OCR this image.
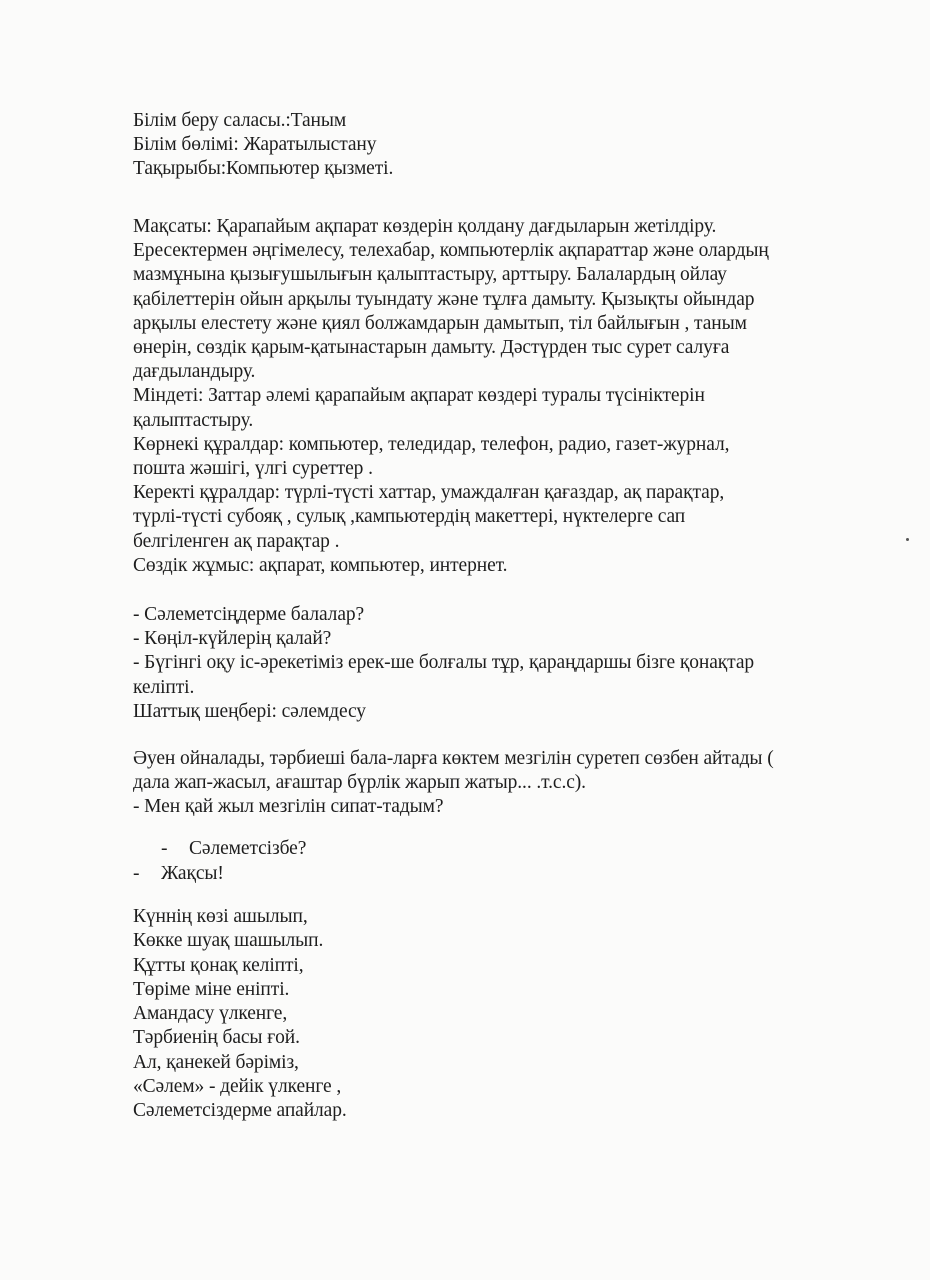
Білім беру саласы.:Таным

Білім бөлімі: Жаратылыстану

Тақырыбы:Компьютер қызметі.

Мақсаты: Қарапайым ақпарат көздерін қолдану дағдыларын жетілдіру.

Ересектермен әңгімелесу, телехабар, компьютерлік ақпараттар және олардың

мазмұнына қызығушылығын қалыптастыру, арттыру. Балалардың ойлау

қабілеттерін ойын арқылы туындату және тұлға дамыту. Қызықты ойындар

арқылы елестету және қиял болжамдарын дамытып, тіл байлығын , таным

өнерін, сөздік қарым-қатынастарын дамыту. Дәстүрден тыс сурет салуға

дағдыландыру.

Міндеті: Заттар әлемі қарапайым ақпарат көздері туралы түсініктерін

қалыптастыру.

Көрнекі құралдар: компьютер, теледидар, телефон, радио, газет-журнал,

пошта жәшігі, үлгі суреттер .

Керекті құралдар: түрлі-түсті хаттар, умаждалған қағаздар, ақ парақтар,

түрлі-түсті субояқ , сулық ,кампьютердің макеттері, нүктелерге сап

белгіленген ақ парақтар .

Сөздік жұмыс: ақпарат, компьютер, интернет.

- Сәлеметсіңдерме балалар?

- Көңіл-күйлерің қалай?

- Бүгінгі оқу іс-әрекетіміз ерек-ше болғалы тұр, қараңдаршы бізге қонақтар

келіпті.

Шаттық шеңбері: сәлемдесу

Әуен ойналады, тәрбиеші бала-ларға көктем мезгілін суретеп сөзбен айтады (

дала жап-жасыл, ағаштар бүрлік жарып жатыр... .т.с.с).

- Мен қай жыл мезгілін сипат-тадым?

- Сәлеметсізбе?
- Жақсы!

Күннің көзі ашылып,

Көкке шуақ шашылып.

Құтты қонақ келіпті,

Төріме міне еніпті.

Амандасу үлкенге,

Тәрбиенің басы ғой.

Ал, қанекей бәріміз,

«Сәлем» - дейік үлкенге ,

Сәлеметсіздерме апайлар.
